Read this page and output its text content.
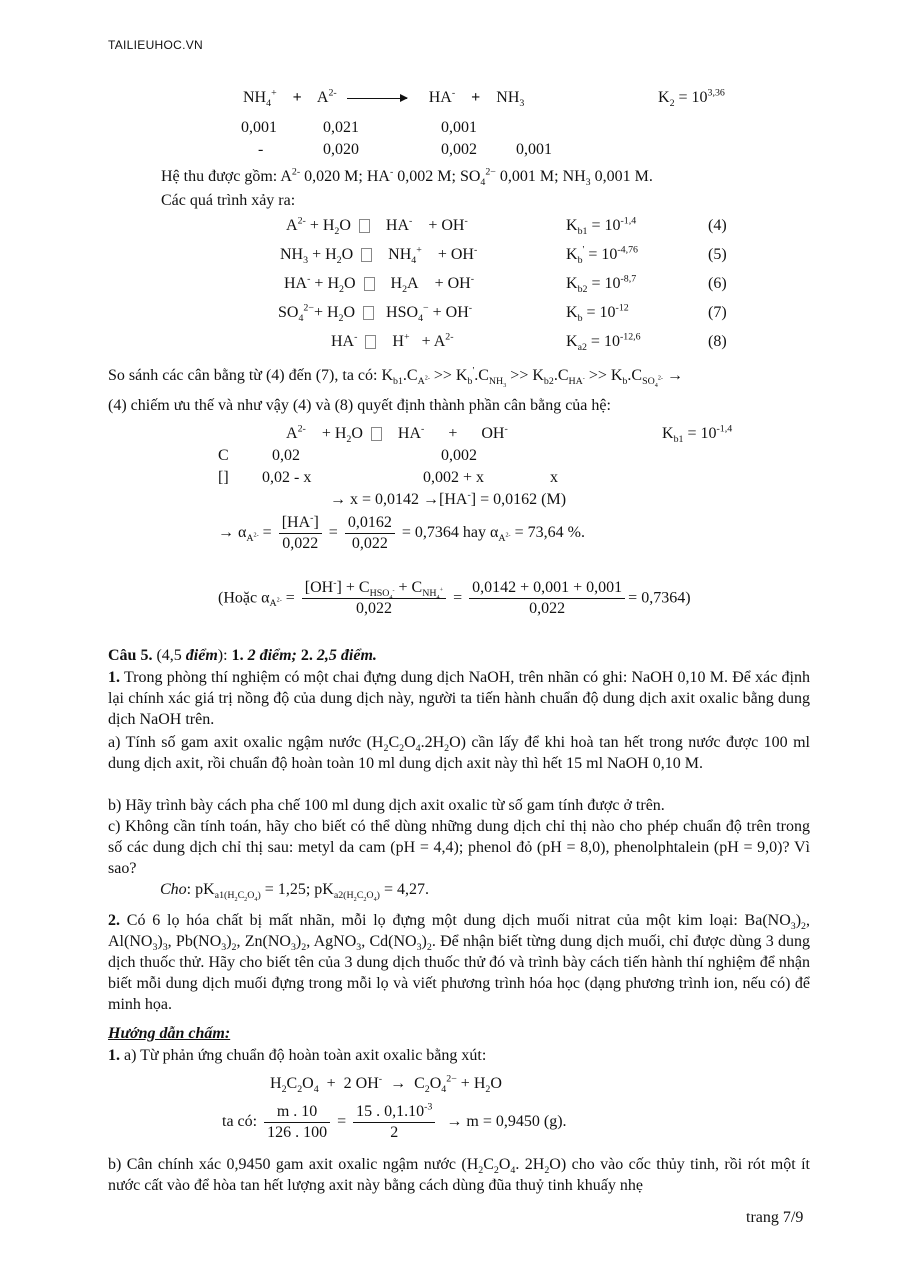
TAILIEUHOC.VN
$NH_4^+ + A^{2-}$	$HA^- + NH_3$	$K_2 = 10^{3,36}$
0,001	0,021	0,001
-	0,020	0,002 0,001
Hệ thu được gồm: $A^{2-}$ 0,020 M; HA- 0,002 M; $SO_4^{2-}$ 0,001 M; $NH_3$ 0,001 M.
Các quá trình xảy ra:
$A^{2-} + H_2O$    HA-    + OH-	$K_{b1} = 10^{-1,4}$	(4)
$NH_3 + H_2O$    $NH_4^+$    + OH-	$K_b' = 10^{-4,76}$	(5)
$HA^- + H_2O$    $H_2A$    + OH-	$K_{b2} = 10^{-8,7}$	(6)
$SO_4^{2-}+ H_2O$   $HSO_4^- + OH^-$	$K_b = 10^{-12}$	(7)
HA-    $H^+ + A^{2-}$	$K_{a2} = 10^{-12,6}$	(8)
So sánh các cân bằng từ (4) đến (7), ta có: $K_{b1}.C_{A^{2-}} >> K_b'.C_{NH_3} >> K_{b2}.C_{HA^-} >> K_b.C_{SO_4^{2-}}$ →
(4) chiếm ưu thế và như vậy (4) và (8) quyết định thành phần cân bằng của hệ:
$A^{2-}$    + $H_2O$    HA-      +      OH-	$K_{b1} = 10^{-1,4}$
C	0,02	0,002
[] 0,02 - x	0,002 + x	x
→ x = 0,0142 →[HA-] = 0,0162 (M)
→ $\alpha_{A^{2-}} = \frac{[HA^-]}{0,022} = \frac{0,0162}{0,022} = 0,7364$ hay $\alpha_{A^{2-}} = 73,64$ %.
(Hoặc $\alpha_{A^{2-}} = \frac{[OH^-] + C_{HSO_4^-} + C_{NH_4^+}}{0,022} = \frac{0,0142 + 0,001 + 0,001}{0,022} = 0,7364$)
Câu 5. (4,5 điểm): 1. 2 điểm; 2. 2,5 điểm.
1. Trong phòng thí nghiệm có một chai đựng dung dịch NaOH, trên nhãn có ghi: NaOH 0,10 M. Để xác định lại chính xác giá trị nồng độ của dung dịch này, người ta tiến hành chuẩn độ dung dịch axit oxalic bằng dung dịch NaOH trên.
a) Tính số gam axit oxalic ngậm nước $(H_2C_2O_4.2H_2O)$ cần lấy để khi hoà tan hết trong nước được 100 ml dung dịch axit, rồi chuẩn độ hoàn toàn 10 ml dung dịch axit này thì hết 15 ml NaOH 0,10 M.
b) Hãy trình bày cách pha chế 100 ml dung dịch axit oxalic từ số gam tính được ở trên.
c) Không cần tính toán, hãy cho biết có thể dùng những dung dịch chỉ thị nào cho phép chuẩn độ trên trong số các dung dịch chỉ thị sau: metyl da cam (pH = 4,4); phenol đỏ (pH = 8,0), phenolphtalein (pH = 9,0)? Vì sao?
Cho: $pK_{a1(H_2C_2O_4)} = 1,25$; $pK_{a2(H_2C_2O_4)} = 4,27$.
2. Có 6 lọ hóa chất bị mất nhãn, mỗi lọ đựng một dung dịch muối nitrat của một kim loại: $Ba(NO_3)_2$, $Al(NO_3)_3$, $Pb(NO_3)_2$, $Zn(NO_3)_2$, AgNO$_3$, $Cd(NO_3)_2$. Để nhận biết từng dung dịch muối, chỉ được dùng 3 dung dịch thuốc thử. Hãy cho biết tên của 3 dung dịch thuốc thử đó và trình bày cách tiến hành thí nghiệm để nhận biết mỗi dung dịch muối đựng trong mỗi lọ và viết phương trình hóa học (dạng phương trình ion, nếu có) để minh họa.
Hướng dẫn chấm:
1. a) Từ phản ứng chuẩn độ hoàn toàn axit oxalic bằng xút:
$H_2C_2O_4 + 2$ $OH^- \to C_2O_4^{2-} + H_2O$
ta có: $\frac{m . 10}{126 . 100} = \frac{15 . 0,1.10^{-3}}{2} \to m = 0,9450$ (g).
b) Cân chính xác 0,9450 gam axit oxalic ngậm nước ($H_2C_2O_4$. $2H_2O$) cho vào cốc thủy tinh, rồi rót một ít nước cất vào để hòa tan hết lượng axit này bằng cách dùng đũa thuỷ tinh khuấy nhẹ
trang 7/9
